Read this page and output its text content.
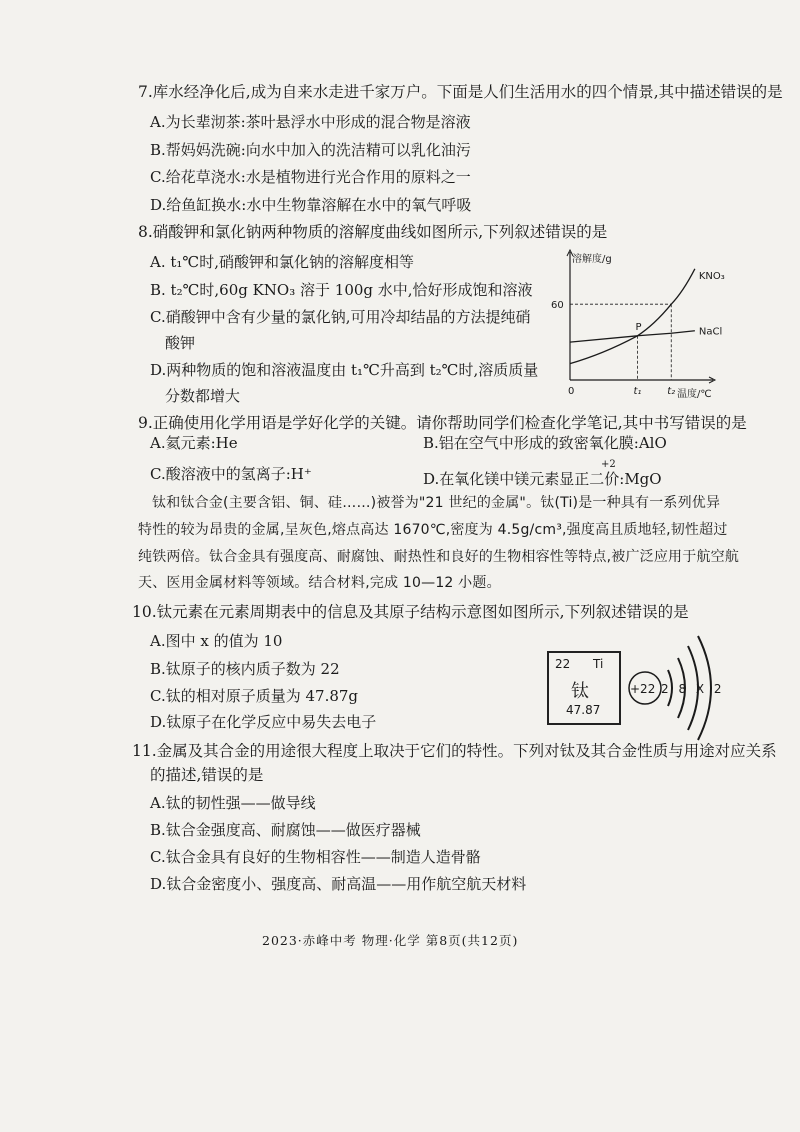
7.库水经净化后,成为自来水走进千家万户。下面是人们生活用水的四个情景,其中描述错误的是
A.为长辈沏茶:茶叶悬浮水中形成的混合物是溶液
B.帮妈妈洗碗:向水中加入的洗洁精可以乳化油污
C.给花草浇水:水是植物进行光合作用的原料之一
D.给鱼缸换水:水中生物靠溶解在水中的氧气呼吸
8.硝酸钾和氯化钠两种物质的溶解度曲线如图所示,下列叙述错误的是
A. t₁℃时,硝酸钾和氯化钠的溶解度相等
B. t₂℃时,60g KNO₃ 溶于 100g 水中,恰好形成饱和溶液
C.硝酸钾中含有少量的氯化钠,可用冷却结晶的方法提纯硝
酸钾
D.两种物质的饱和溶液温度由 t₁℃升高到 t₂℃时,溶质质量
分数都增大
溶解度/g
温度/℃
0
60
t₁	t₂
KNO₃
NaCl
P
9.正确使用化学用语是学好化学的关键。请你帮助同学们检查化学笔记,其中书写错误的是
A.氦元素:He	B.铝在空气中形成的致密氧化膜:AlO
C.酸溶液中的氢离子:H⁺	D.在氧化镁中镁元素显正二价:MgO
+2
钛和钛合金(主要含铝、铜、硅……)被誉为"21 世纪的金属"。钛(Ti)是一种具有一系列优异
特性的较为昂贵的金属,呈灰色,熔点高达 1670℃,密度为 4.5g/cm³,强度高且质地轻,韧性超过
纯铁两倍。钛合金具有强度高、耐腐蚀、耐热性和良好的生物相容性等特点,被广泛应用于航空航
天、医用金属材料等领域。结合材料,完成 10—12 小题。
10.钛元素在元素周期表中的信息及其原子结构示意图如图所示,下列叙述错误的是
A.图中 x 的值为 10
B.钛原子的核内质子数为 22
C.钛的相对原子质量为 47.87g
D.钛原子在化学反应中易失去电子
22 Ti
钛
47.87
+22 2 8 X 2
11.金属及其合金的用途很大程度上取决于它们的特性。下列对钛及其合金性质与用途对应关系
的描述,错误的是
A.钛的韧性强——做导线
B.钛合金强度高、耐腐蚀——做医疗器械
C.钛合金具有良好的生物相容性——制造人造骨骼
D.钛合金密度小、强度高、耐高温——用作航空航天材料
2023·赤峰中考 物理·化学 第8页(共12页)
